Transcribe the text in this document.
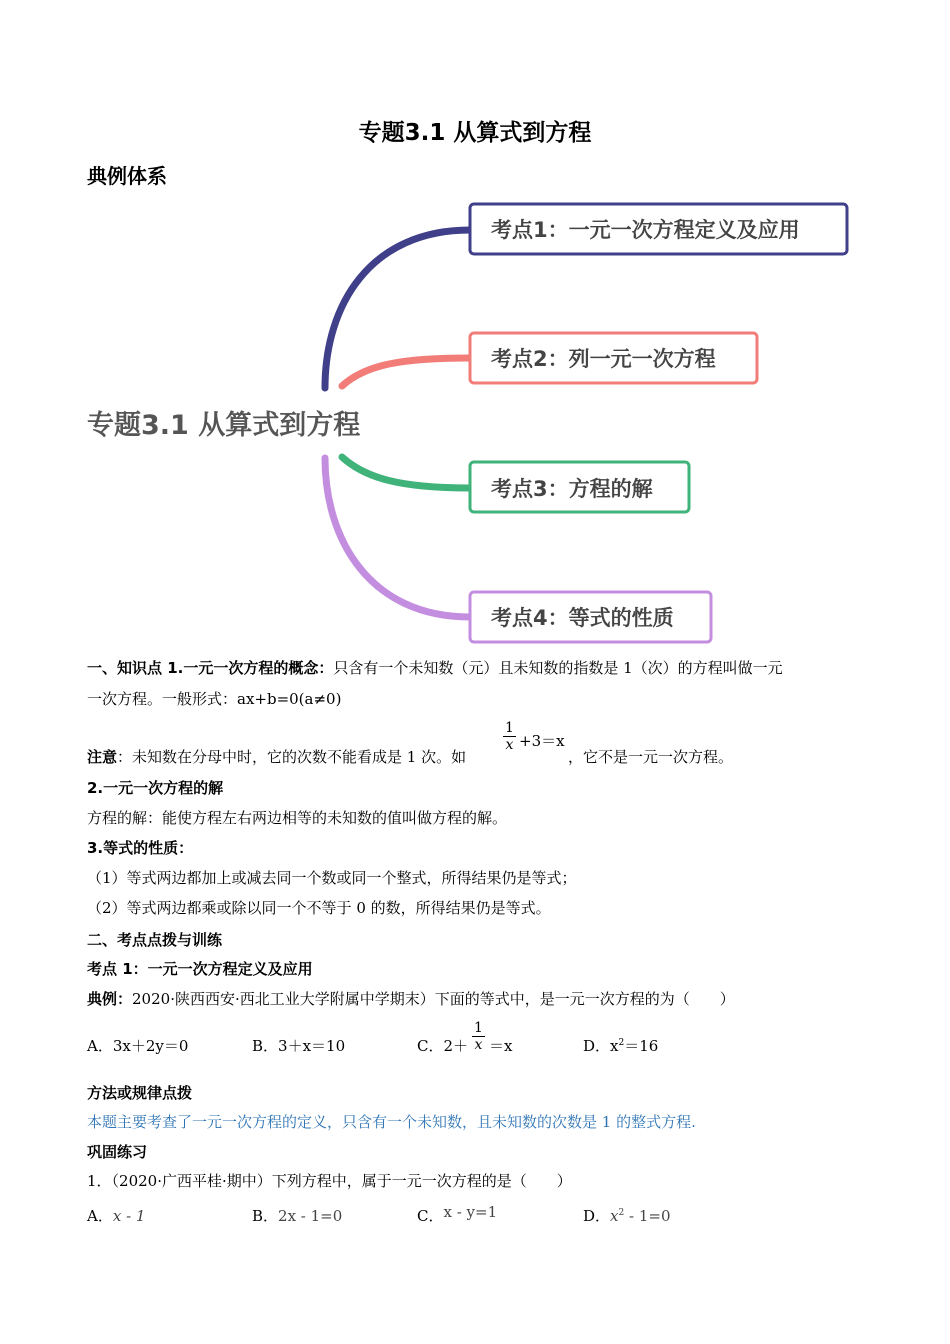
专题3.1 从算式到方程
典例体系
考点1：一元一次方程定义及应用
考点2：列一元一次方程
考点3：方程的解
考点4：等式的性质
专题3.1 从算式到方程
一、知识点 1.一元一次方程的概念：只含有一个未知数（元）且未知数的指数是 1（次）的方程叫做一元
一次方程。一般形式：ax+b=0(a≠0)
注意：未知数在分母中时，它的次数不能看成是 1 次。如
$\frac{1}{x} +3=x$
，它不是一元一次方程。
2.一元一次方程的解
方程的解：能使方程左右两边相等的未知数的值叫做方程的解。
3.等式的性质：
（1）等式两边都加上或减去同一个数或同一个整式，所得结果仍是等式；
（2）等式两边都乘或除以同一个不等于 0 的数，所得结果仍是等式。
二、考点点拨与训练
考点 1：一元一次方程定义及应用
典例：2020·陕西西安·西北工业大学附属中学期末）下面的等式中，是一元一次方程的为（　　）
A．3x＋2y＝0	B．3＋x＝10	C．$2+ \frac{1}{x} =x$	D．$x^2=16$
方法或规律点拨
本题主要考查了一元一次方程的定义，只含有一个未知数，且未知数的次数是 1 的整式方程.
巩固练习
1．（2020·广西平桂·期中）下列方程中，属于一元一次方程的是（　　）
A．x - 1	B．2x - 1=0	C．x - y=1	D．$x^2 - 1=0$
